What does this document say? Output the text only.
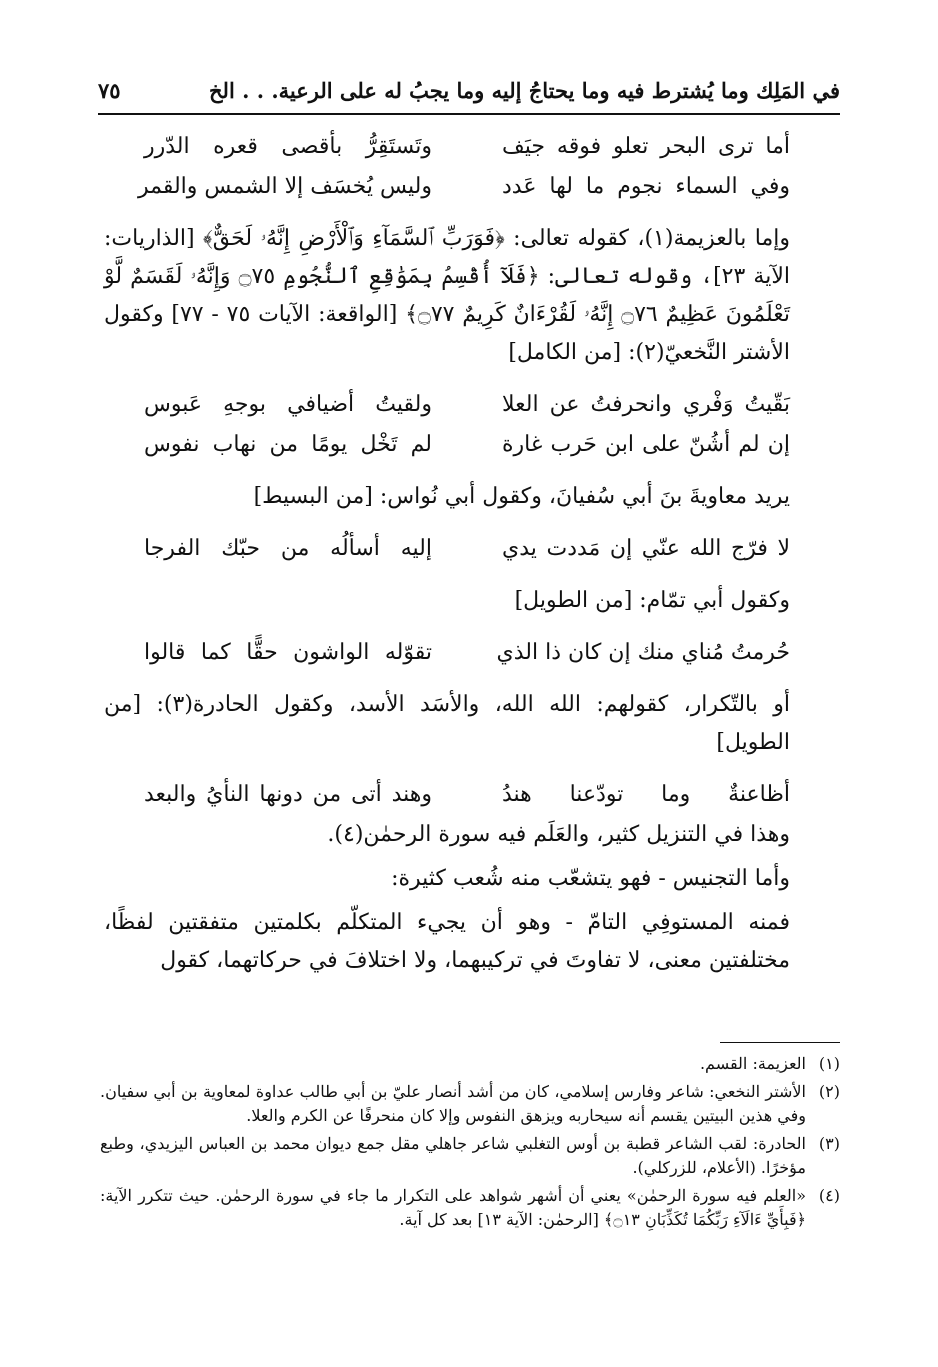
في المَلِك وما يُشترط فيه وما يحتاجُ إليه وما يجبُ له على الرعية. . . الخ
٧٥
أما ترى البحر تعلو فوقه جيَف
وتَستَقِرُّ بأقصى قعره الدّرر
وفي السماء نجوم ما لها عَدد
وليس يُخسَف إلا الشمس والقمر
وإما بالعزيمة(١)، كقوله تعالى: ﴿فَوَرَبِّ ٱلسَّمَآءِ وَٱلْأَرْضِ إِنَّهُۥ لَحَقٌّ﴾ [الذاريات: الآية ٢٣]، وقوله تعالى: ﴿فَلَآ أُقْسِمُ بِمَوَٰقِعِ ٱلنُّجُومِ ۝٧٥ وَإِنَّهُۥ لَقَسَمٌ لَّوْ تَعْلَمُونَ عَظِيمٌ ۝٧٦ إِنَّهُۥ لَقُرْءَانٌ كَرِيمٌ ۝٧٧﴾ [الواقعة: الآيات ٧٥ - ٧٧] وكقول الأشتر النَّخعيّ(٢): [من الكامل]
بَقّيتُ وَفْري وانحرفتُ عن العلا
ولقيتُ أضيافي بوجهِ عَبوس
إن لم أشُنّ على ابن حَرب غارة
لم تَخْل يومًا من نهاب نفوس
يريد معاويةَ بنَ أبي سُفيانَ، وكقول أبي نُواس: [من البسيط]
لا فرّج الله عنّي إن مَددت يدي
إليه أسألُه من حبّك الفرجا
وكقول أبي تمّام: [من الطويل]
حُرمتُ مُناي منك إن كان ذا الذي
تقوّله الواشون حقًّا كما قالوا
أو بالتّكرار، كقولهم: الله الله، والأسَد الأسد، وكقول الحادرة(٣): [من الطويل]
أظاعنةٌ وما تودّعنا هندُ
وهند أتى من دونها النأيُ والبعد
وهذا في التنزيل كثير، والعَلَم فيه سورة الرحمٰن(٤).
وأما التجنيس - فهو يتشعّب منه شُعب كثيرة:
فمنه المستوفِي التامّ - وهو أن يجيء المتكلّم بكلمتين متفقتين لفظًا، مختلفتين معنى، لا تفاوتَ في تركيبهما، ولا اختلافَ في حركاتهما، كقول
(١)
العزيمة: القسم.
(٢)
الأشتر النخعي: شاعر وفارس إسلامي، كان من أشد أنصار عليّ بن أبي طالب عداوة لمعاوية بن أبي سفيان. وفي هذين البيتين يقسم أنه سيحاربه ويزهق النفوس وإلا كان منحرفًا عن الكرم والعلا.
(٣)
الحادرة: لقب الشاعر قطبة بن أوس التغلبي شاعر جاهلي مقل جمع ديوان محمد بن العباس اليزيدي، وطبع مؤخرًا. (الأعلام، للزركلي).
(٤)
«العلم فيه سورة الرحمٰن» يعني أن أشهر شواهد على التكرار ما جاء في سورة الرحمٰن. حيث تتكرر الآية: ﴿فَبِأَيِّ ءَالَآءِ رَبِّكُمَا تُكَذِّبَانِ ۝١٣﴾ [الرحمٰن: الآية ١٣] بعد كل آية.
